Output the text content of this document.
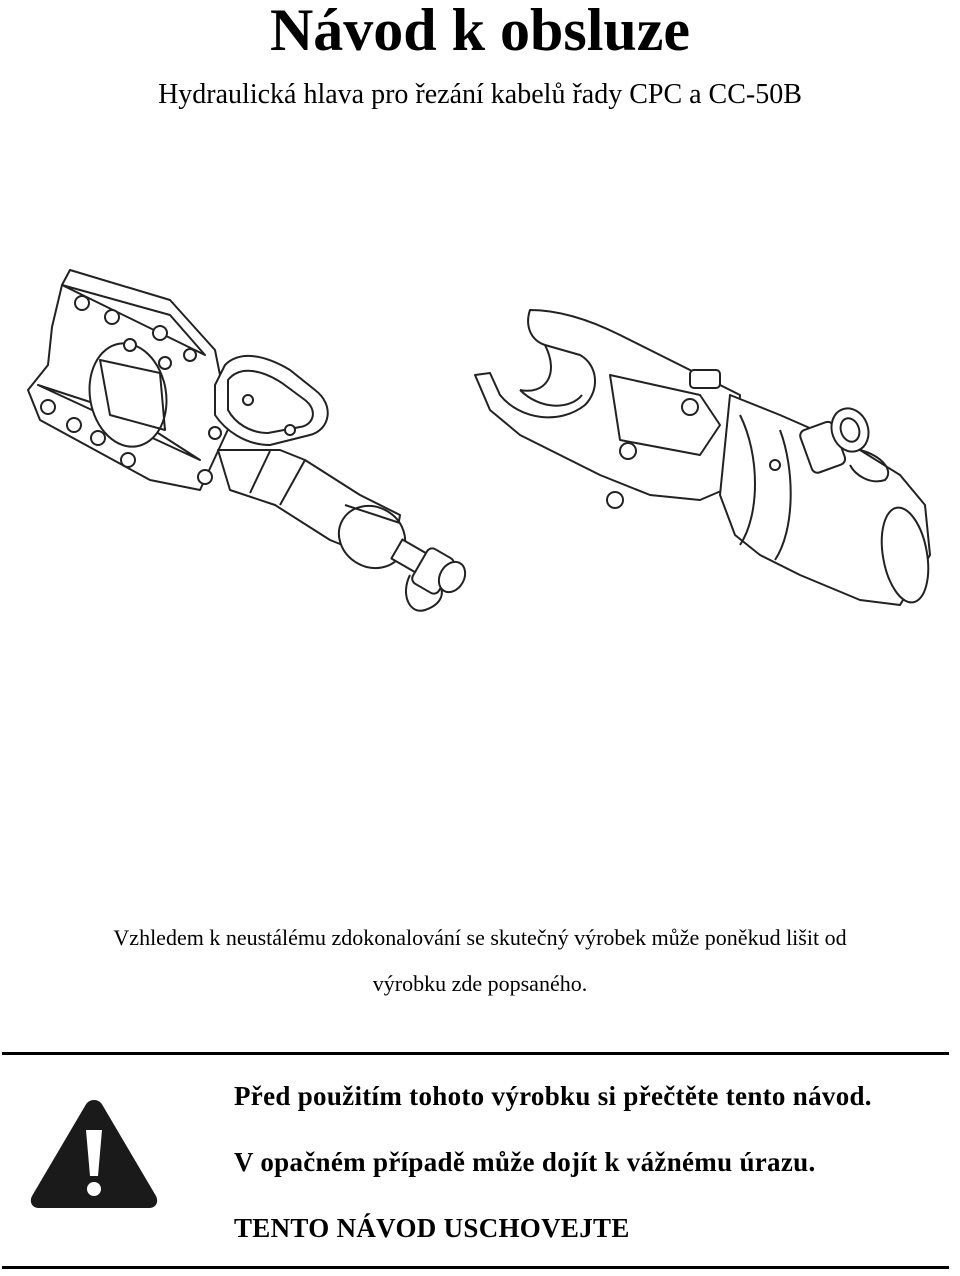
Návod k obsluze
Hydraulická hlava pro řezání kabelů řady CPC a CC-50B
Vzhledem k neustálému zdokonalování se skutečný výrobek může poněkud lišit od
výrobku zde popsaného.
Před použitím tohoto výrobku si přečtěte tento návod.
V opačném případě může dojít k vážnému úrazu.
TENTO NÁVOD USCHOVEJTE
